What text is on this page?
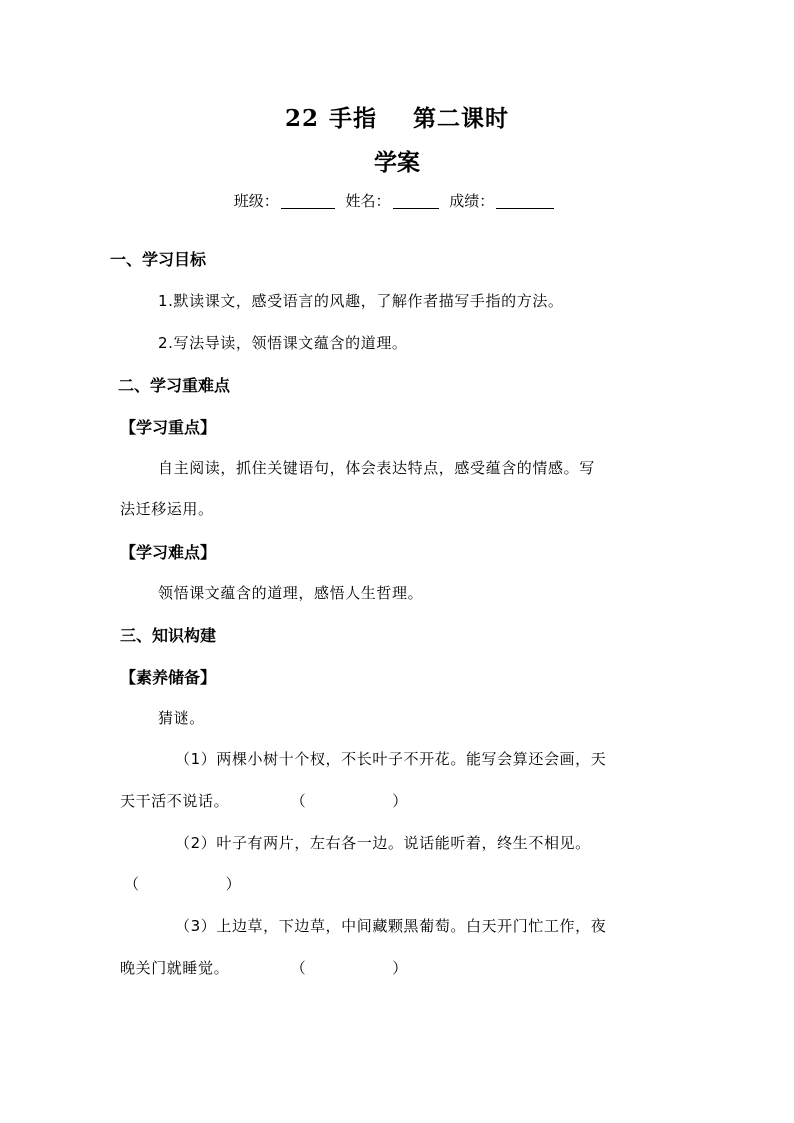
22 手指 第二课时
学案
班级：	姓名：	成绩：
一、学习目标
1.默读课文，感受语言的风趣，了解作者描写手指的方法。
2.写法导读，领悟课文蕴含的道理。
二、学习重难点
【学习重点】
自主阅读，抓住关键语句，体会表达特点，感受蕴含的情感。写
法迁移运用。
【学习难点】
领悟课文蕴含的道理，感悟人生哲理。
三、知识构建
【素养储备】
猜谜。
（1）两棵小树十个杈，不长叶子不开花。能写会算还会画，天
天干活不说话。	（	）
（2）叶子有两片，左右各一边。说话能听着，终生不相见。
（	）
（3）上边草，下边草，中间藏颗黑葡萄。白天开门忙工作，夜
晚关门就睡觉。	（	）
